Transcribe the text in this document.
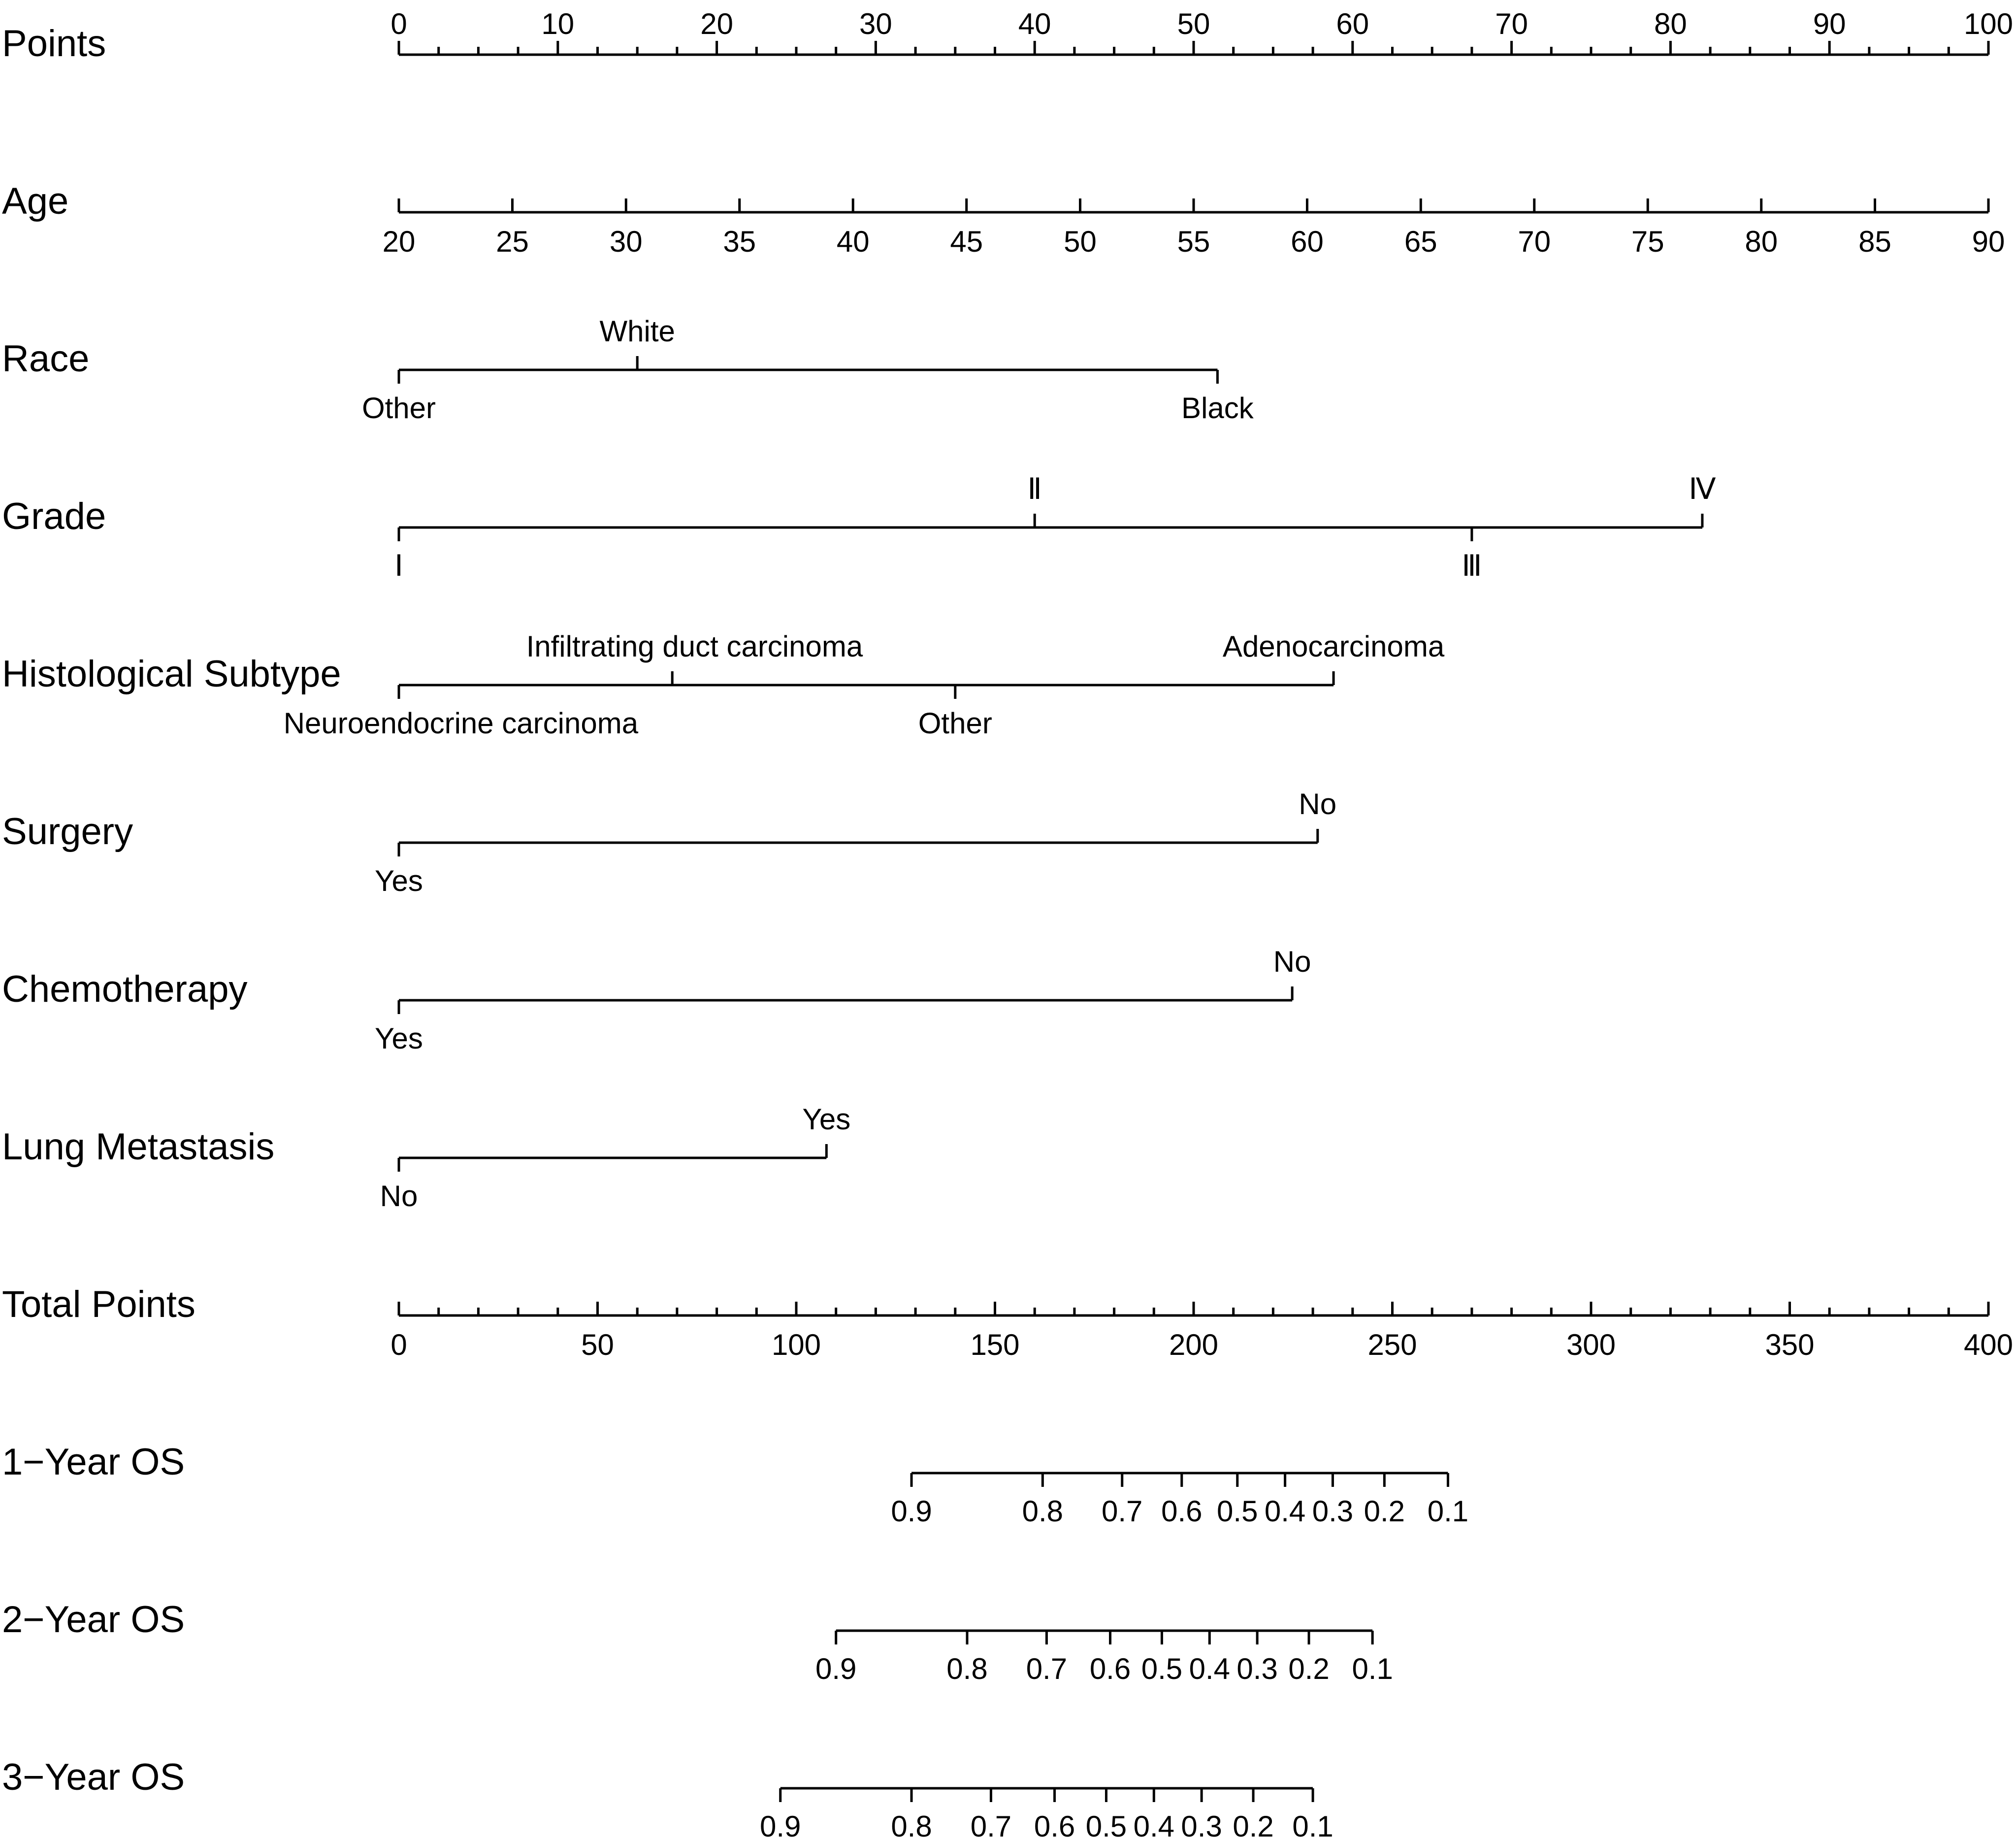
Points	0	10	20	30	40	50	60	70	80	90	100
Age
20	25	30	35	40	45	50	55	60	65	70	75	80	85	90
Race
Other
White
Black
Grade
Ⅰ
Ⅱ
Ⅲ
Ⅳ
Histological Subtype
Neuroendocrine carcinoma
Infiltrating duct carcinoma
Other
Adenocarcinoma
Surgery
Yes
No
Chemotherapy
Yes
No
Lung Metastasis
No
Yes
Total Points
0	50	100	150	200	250	300	350	400
1−Year OS
0.9	0.8 0.7 0.6 0.5 0.4 0.3 0.2 0.1
2−Year OS
0.9	0.8 0.7 0.6 0.5 0.4 0.3 0.2 0.1
3−Year OS
0.9	0.8 0.7 0.6 0.5 0.4 0.3 0.2 0.1
